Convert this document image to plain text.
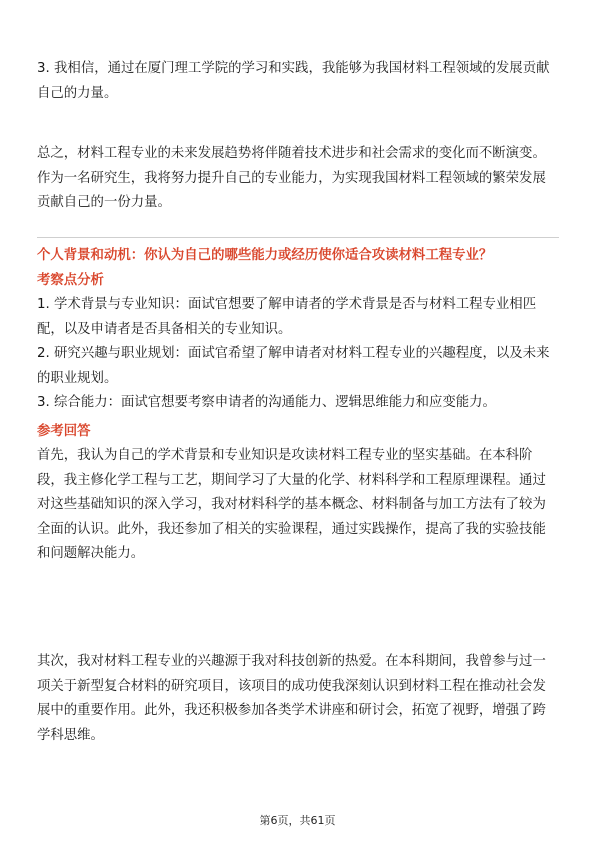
3. 我相信，通过在厦门理工学院的学习和实践，我能够为我国材料工程领域的发展贡献自己的力量。

总之，材料工程专业的未来发展趋势将伴随着技术进步和社会需求的变化而不断演变。作为一名研究生，我将努力提升自己的专业能力，为实现我国材料工程领域的繁荣发展贡献自己的一份力量。

个人背景和动机：你认为自己的哪些能力或经历使你适合攻读材料工程专业？

考察点分析

1. 学术背景与专业知识：面试官想要了解申请者的学术背景是否与材料工程专业相匹配，以及申请者是否具备相关的专业知识。

2. 研究兴趣与职业规划：面试官希望了解申请者对材料工程专业的兴趣程度，以及未来的职业规划。

3. 综合能力：面试官想要考察申请者的沟通能力、逻辑思维能力和应变能力。

参考回答

首先，我认为自己的学术背景和专业知识是攻读材料工程专业的坚实基础。在本科阶段，我主修化学工程与工艺，期间学习了大量的化学、材料科学和工程原理课程。通过对这些基础知识的深入学习，我对材料科学的基本概念、材料制备与加工方法有了较为全面的认识。此外，我还参加了相关的实验课程，通过实践操作，提高了我的实验技能和问题解决能力。

其次，我对材料工程专业的兴趣源于我对科技创新的热爱。在本科期间，我曾参与过一项关于新型复合材料的研究项目，该项目的成功使我深刻认识到材料工程在推动社会发展中的重要作用。此外，我还积极参加各类学术讲座和研讨会，拓宽了视野，增强了跨学科思维。

第6页，共61页
